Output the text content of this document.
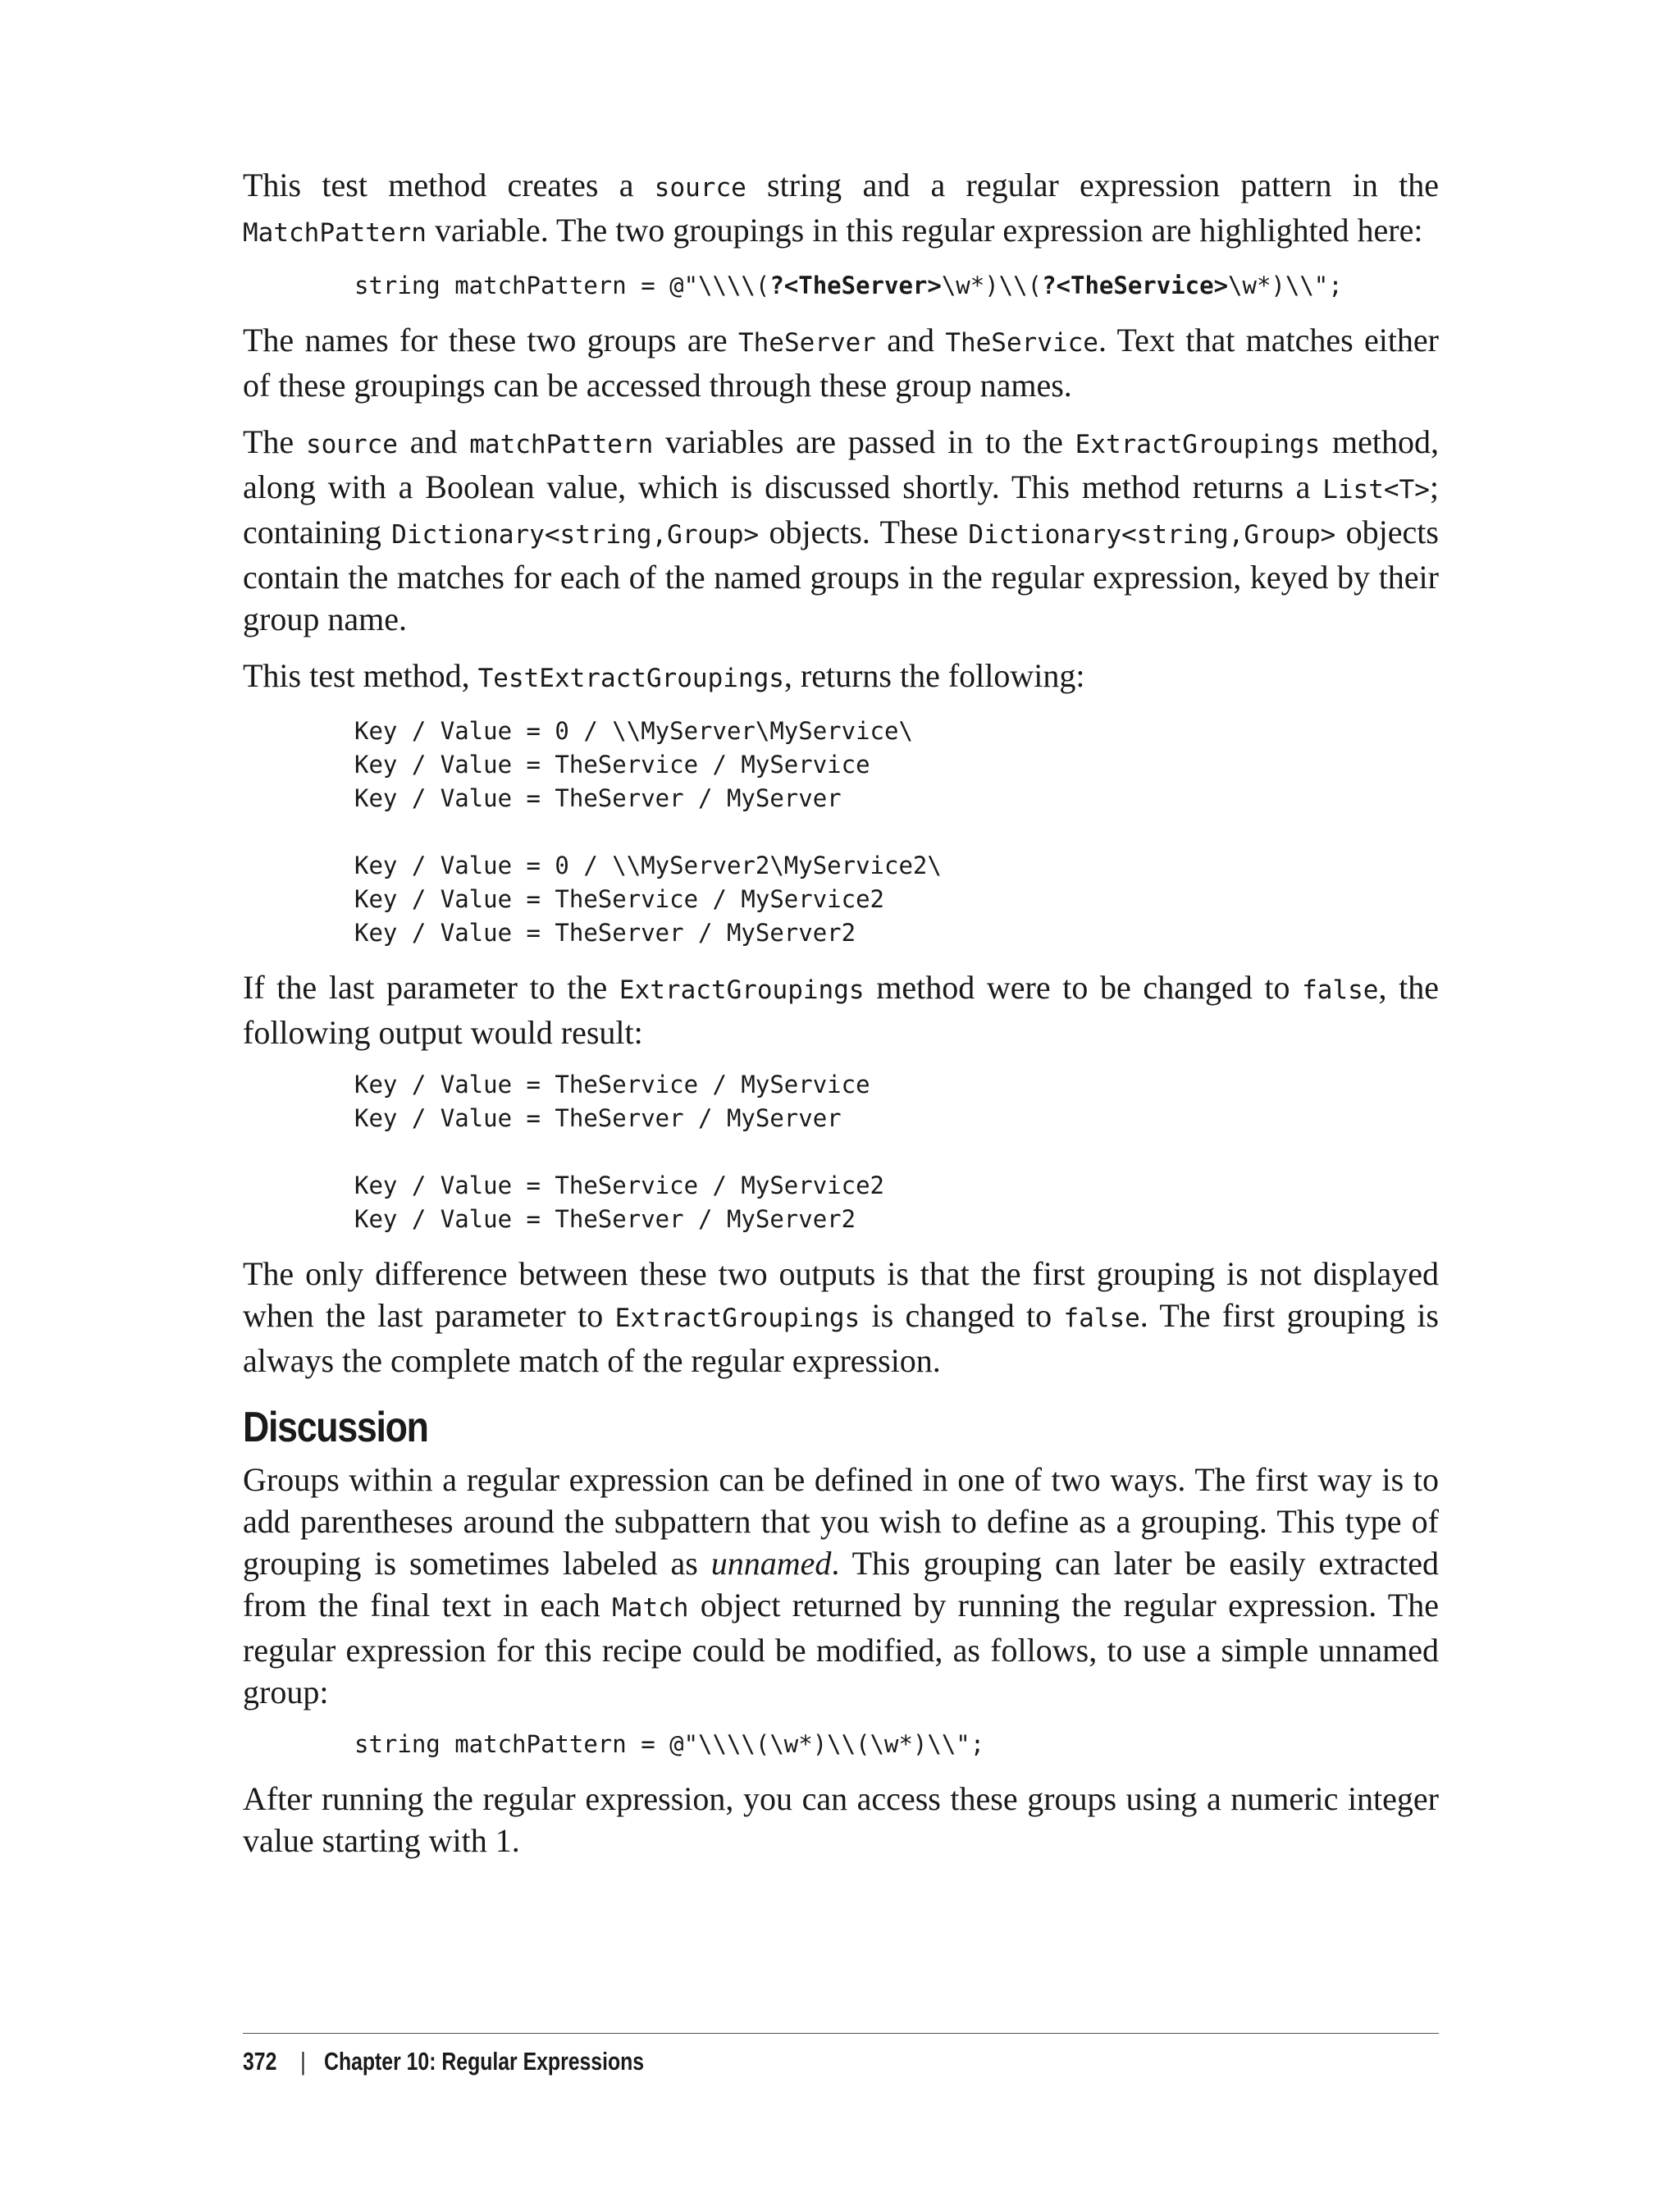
This test method creates a source string and a regular expression pattern in the MatchPattern variable. The two groupings in this regular expression are highlighted here:

string matchPattern = @"\\\\(?<TheServer>\w*)\\(?<TheService>\w*)\\";

The names for these two groups are TheServer and TheService. Text that matches either of these groupings can be accessed through these group names.

The source and matchPattern variables are passed in to the ExtractGroupings method, along with a Boolean value, which is discussed shortly. This method returns a List<T>; containing Dictionary<string,Group> objects. These Dictionary<string,Group> objects contain the matches for each of the named groups in the regular expression, keyed by their group name.

This test method, TestExtractGroupings, returns the following:

Key / Value = 0 / \\MyServer\MyService\
Key / Value = TheService / MyService
Key / Value = TheServer / MyServer
Key / Value = 0 / \\MyServer2\MyService2\
Key / Value = TheService / MyService2
Key / Value = TheServer / MyServer2

If the last parameter to the ExtractGroupings method were to be changed to false, the following output would result:

Key / Value = TheService / MyService
Key / Value = TheServer / MyServer
Key / Value = TheService / MyService2
Key / Value = TheServer / MyServer2

The only difference between these two outputs is that the first grouping is not displayed when the last parameter to ExtractGroupings is changed to false. The first grouping is always the complete match of the regular expression.

Discussion

Groups within a regular expression can be defined in one of two ways. The first way is to add parentheses around the subpattern that you wish to define as a grouping. This type of grouping is sometimes labeled as unnamed. This grouping can later be easily extracted from the final text in each Match object returned by running the regular expression. The regular expression for this recipe could be modified, as follows, to use a simple unnamed group:

string matchPattern = @"\\\\(\w*)\\(\w*)\\";

After running the regular expression, you can access these groups using a numeric integer value starting with 1.

372 | Chapter 10: Regular Expressions
